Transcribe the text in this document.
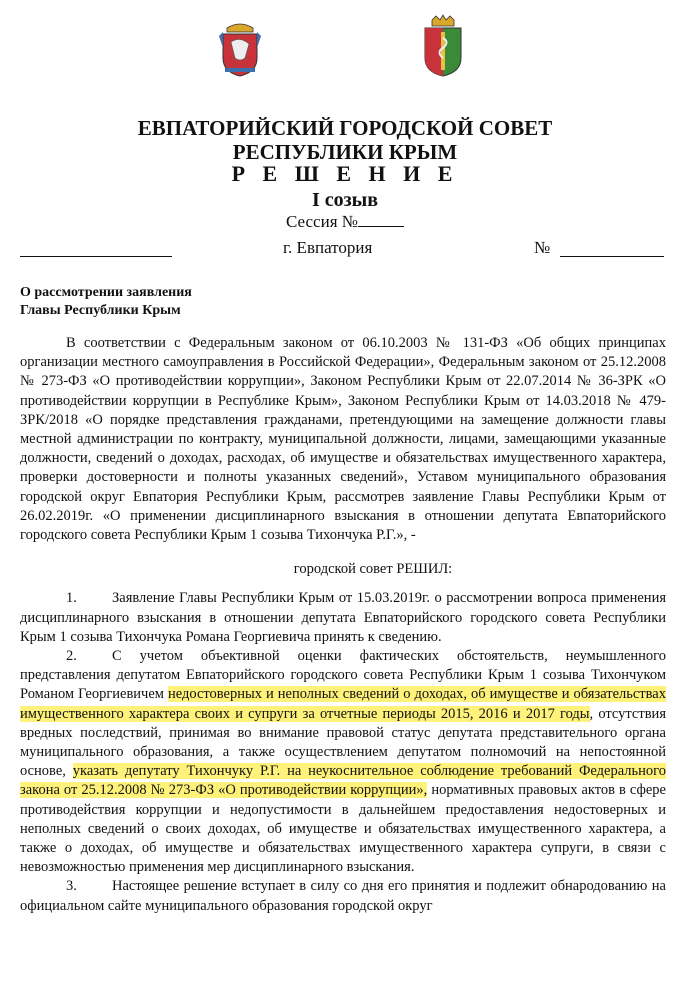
ЕВПАТОРИЙСКИЙ ГОРОДСКОЙ СОВЕТ
РЕСПУБЛИКИ КРЫМ
Р Е Ш Е Н И Е
I созыв
Сессия №
г. Евпатория	№
О рассмотрении заявления
Главы Республики Крым

В соответствии с Федеральным законом от 06.10.2003 № 131-ФЗ «Об общих принципах организации местного самоуправления в Российской Федерации», Федеральным законом от 25.12.2008 № 273-ФЗ «О противодействии коррупции», Законом Республики Крым от 22.07.2014 № 36-ЗРК «О противодействии коррупции в Республике Крым», Законом Республики Крым от 14.03.2018 № 479-ЗРК/2018 «О порядке представления гражданами, претендующими на замещение должности главы местной администрации по контракту, муниципальной должности, лицами, замещающими указанные должности, сведений о доходах, расходах, об имуществе и обязательствах имущественного характера, проверки достоверности и полноты указанных сведений», Уставом муниципального образования городской округ Евпатория Республики Крым, рассмотрев заявление Главы Республики Крым от 26.02.2019г. «О применении дисциплинарного взыскания в отношении депутата Евпаторийского городского совета Республики Крым 1 созыва Тихончука Р.Г.», -

городской совет РЕШИЛ:

1. Заявление Главы Республики Крым от 15.03.2019г. о рассмотрении вопроса применения дисциплинарного взыскания в отношении депутата Евпаторийского городского совета Республики Крым 1 созыва Тихончука Романа Георгиевича принять к сведению.

2. С учетом объективной оценки фактических обстоятельств, неумышленного представления депутатом Евпаторийского городского совета Республики Крым 1 созыва Тихончуком Романом Георгиевичем недостоверных и неполных сведений о доходах, об имуществе и обязательствах имущественного характера своих и супруги за отчетные периоды 2015, 2016 и 2017 годы, отсутствия вредных последствий, принимая во внимание правовой статус депутата представительного органа муниципального образования, а также осуществлением депутатом полномочий на непостоянной основе, указать депутату Тихончуку Р.Г. на неукоснительное соблюдение требований Федерального закона от 25.12.2008 № 273-ФЗ «О противодействии коррупции», нормативных правовых актов в сфере противодействия коррупции и недопустимости в дальнейшем предоставления недостоверных и неполных сведений о своих доходах, об имуществе и обязательствах имущественного характера, а также о доходах, об имуществе и обязательствах имущественного характера супруги, в связи с невозможностью применения мер дисциплинарного взыскания.

3. Настоящее решение вступает в силу со дня его принятия и подлежит обнародованию на официальном сайте муниципального образования городской округ
